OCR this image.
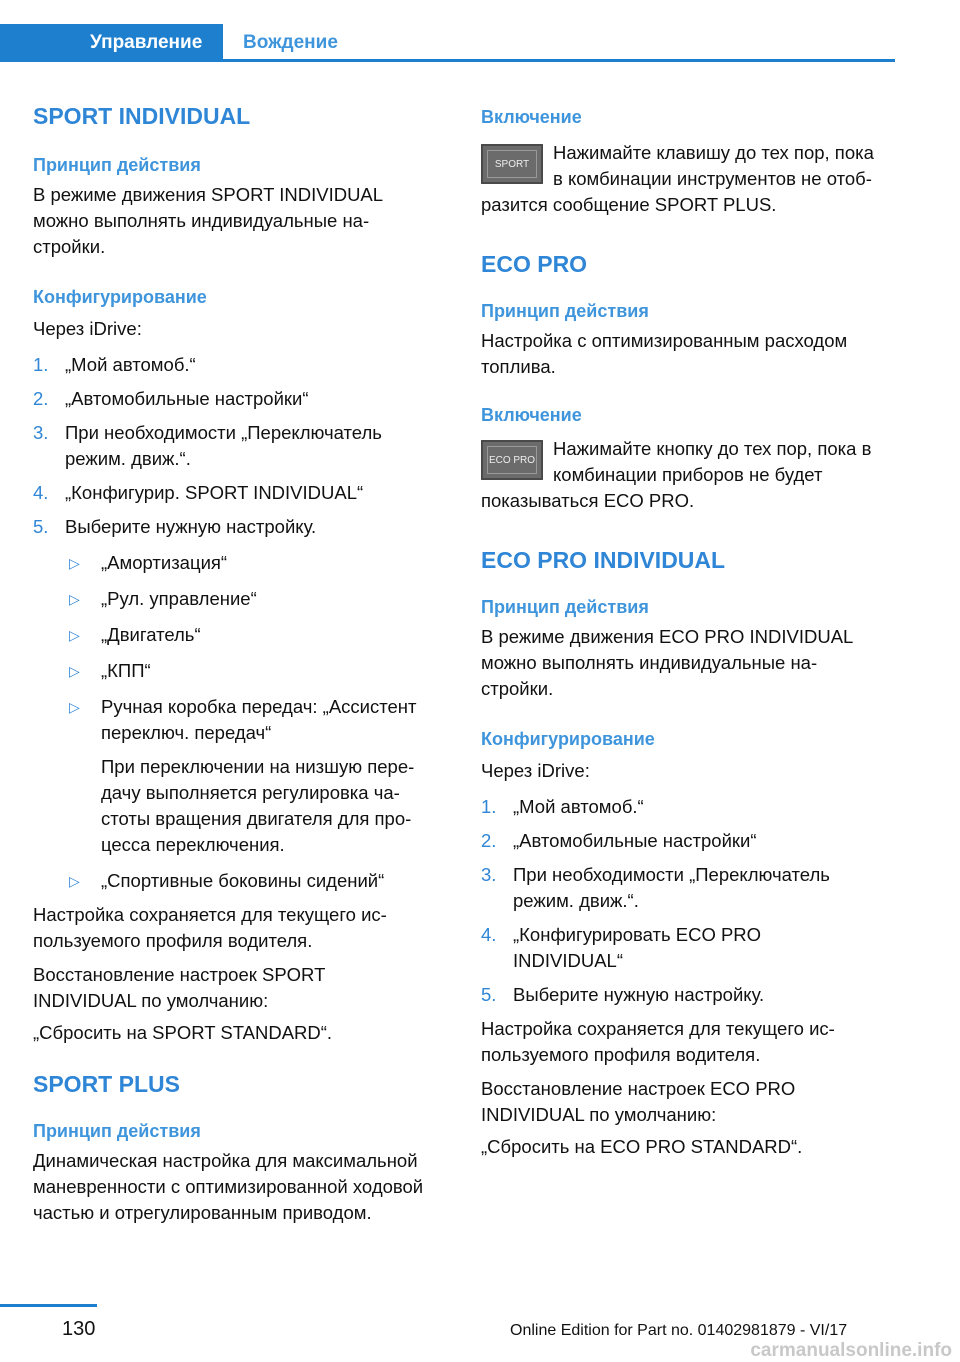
Управление Вождение
SPORT INDIVIDUAL
Принцип действия
В режиме движения SPORT INDIVIDUAL
можно выполнять индивидуальные на‐
стройки.
Конфигурирование
Через iDrive:
1. „Мой автомоб.“
2. „Автомобильные настройки“
3. При необходимости „Переключатель
режим. движ.“.
4. „Конфигурир. SPORT INDIVIDUAL“
5. Выберите нужную настройку.
▷ „Амортизация“
▷ „Рул. управление“
▷ „Двигатель“
▷ „КПП“
▷ Ручная коробка передач: „Ассистент
переключ. передач“
При переключении на низшую пере‐
дачу выполняется регулировка ча‐
стоты вращения двигателя для про‐
цесса переключения.
▷ „Спортивные боковины сидений“
Настройка сохраняется для текущего ис‐
пользуемого профиля водителя.
Восстановление настроек SPORT
INDIVIDUAL по умолчанию:
„Сбросить на SPORT STANDARD“.
SPORT PLUS
Принцип действия
Динамическая настройка для максимальной
маневренности с оптимизированной ходовой
частью и отрегулированным приводом.
Включение
SPORT
Нажимайте клавишу до тех пор, пока
в комбинации инструментов не отоб‐
разится сообщение SPORT PLUS.
ECO PRO
Принцип действия
Настройка с оптимизированным расходом
топлива.
Включение
ECO PRO
Нажимайте кнопку до тех пор, пока в
комбинации приборов не будет
показываться ECO PRO.
ECO PRO INDIVIDUAL
Принцип действия
В режиме движения ECO PRO INDIVIDUAL
можно выполнять индивидуальные на‐
стройки.
Конфигурирование
Через iDrive:
1. „Мой автомоб.“
2. „Автомобильные настройки“
3. При необходимости „Переключатель
режим. движ.“.
4. „Конфигурировать ECO PRO
INDIVIDUAL“
5. Выберите нужную настройку.
Настройка сохраняется для текущего ис‐
пользуемого профиля водителя.
Восстановление настроек ECO PRO
INDIVIDUAL по умолчанию:
„Сбросить на ECO PRO STANDARD“.
130	Online Edition for Part no. 01402981879 - VI/17
carmanualsonline.info
